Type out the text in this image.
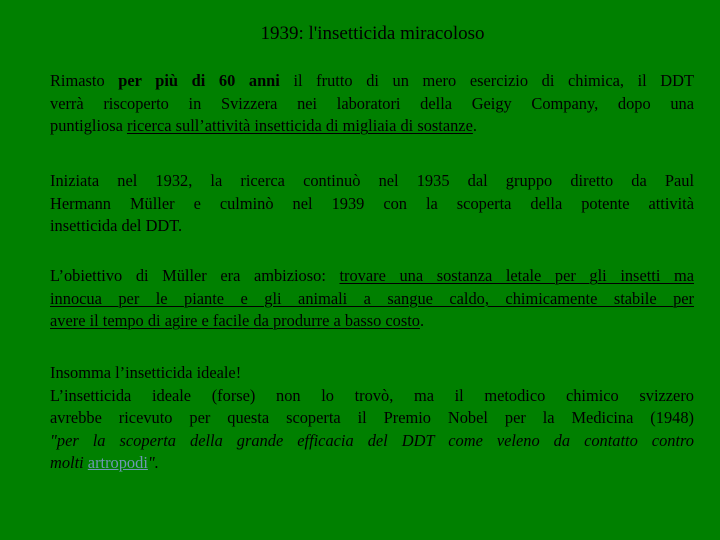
1939: l'insetticida miracoloso
Rimasto per più di 60 anni il frutto di un mero esercizio di chimica, il DDT
verrà riscoperto in Svizzera nei laboratori della Geigy Company, dopo una
puntigliosa ricerca sull’attività insetticida di migliaia di sostanze.
Iniziata nel 1932, la ricerca continuò nel 1935 dal gruppo diretto da Paul
Hermann Müller e culminò nel 1939 con la scoperta della potente attività
insetticida del DDT.
L’obiettivo di Müller era ambizioso: trovare una sostanza letale per gli insetti ma
innocua per le piante e gli animali a sangue caldo, chimicamente stabile per
avere il tempo di agire e facile da produrre a basso costo.
Insomma l’insetticida ideale!
L’insetticida ideale (forse) non lo trovò, ma il metodico chimico svizzero
avrebbe ricevuto per questa scoperta il Premio Nobel per la Medicina (1948)
"per la scoperta della grande efficacia del DDT come veleno da contatto contro
molti artropodi".
